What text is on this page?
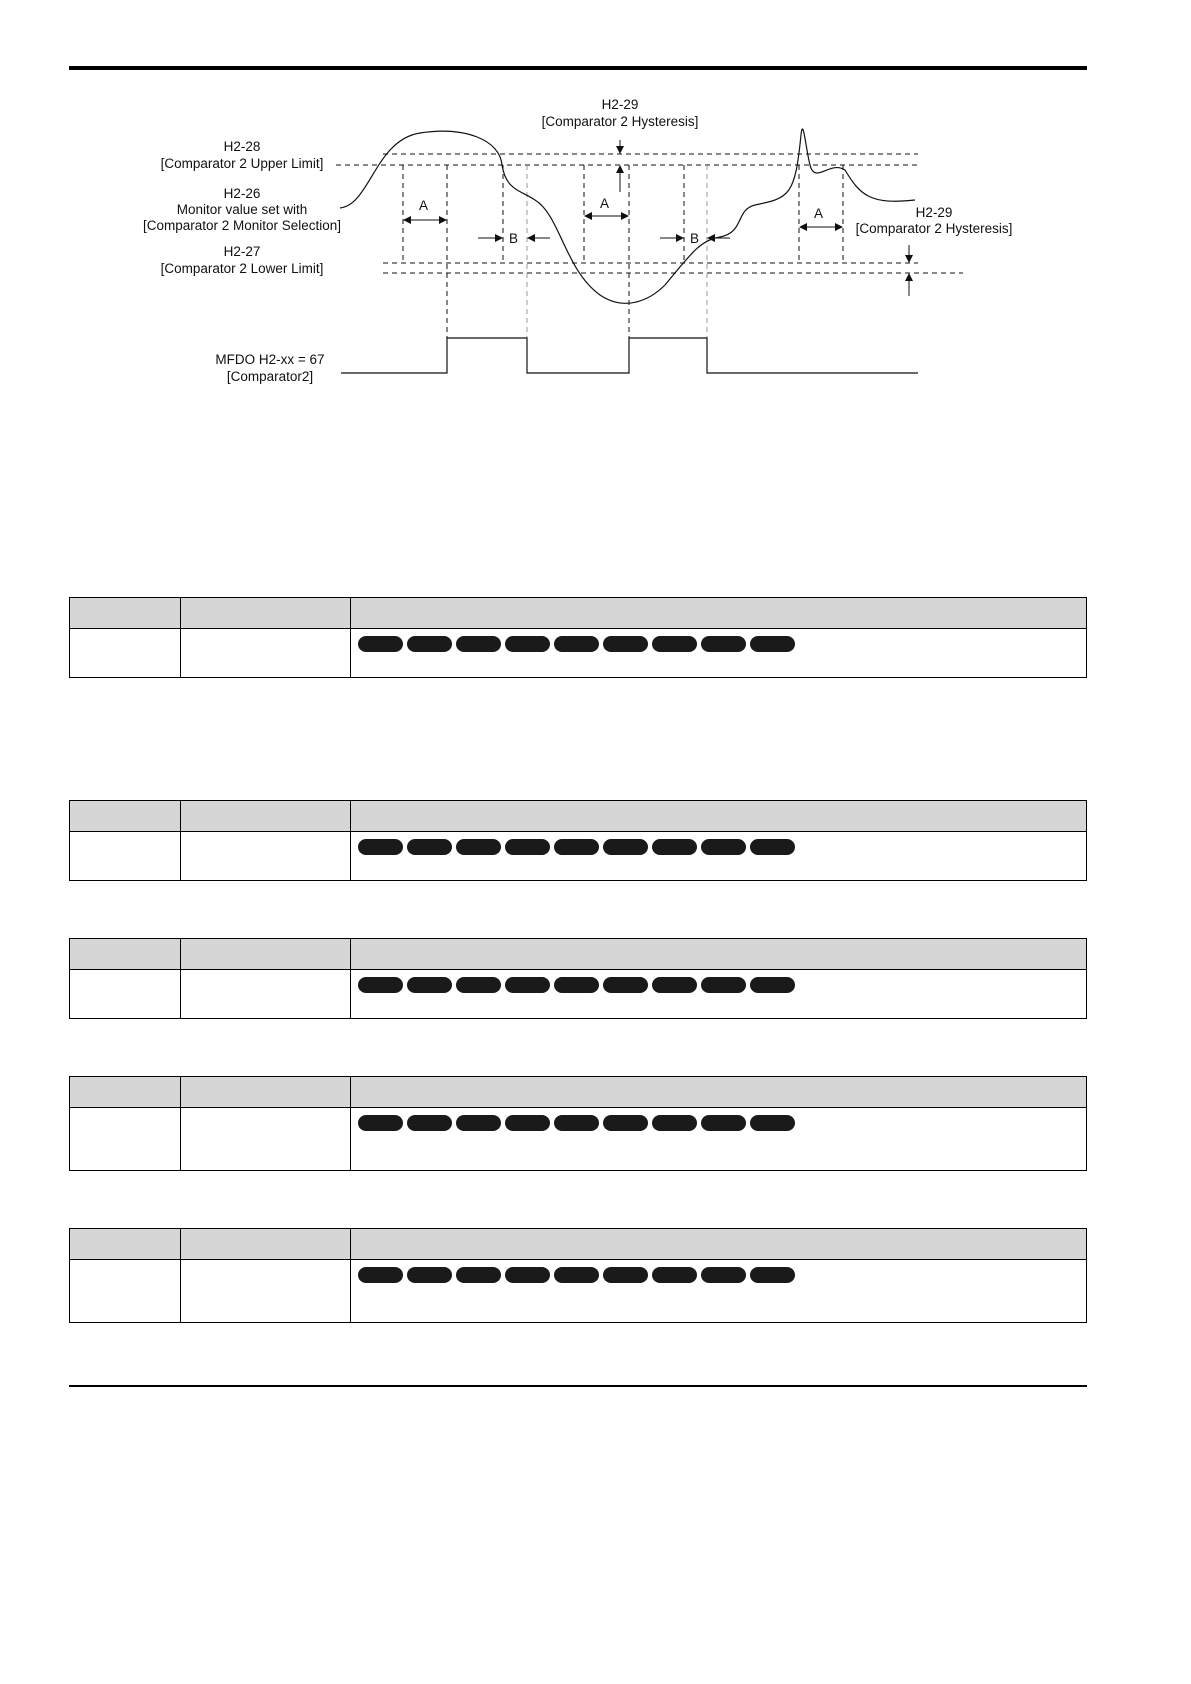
A
B
A
B
A
H2-29
[Comparator 2 Hysteresis]
H2-28
[Comparator 2 Upper Limit]
H2-26
Monitor value set with
[Comparator 2 Monitor Selection]
H2-27
[Comparator 2 Lower Limit]
H2-29
[Comparator 2 Hysteresis]
MFDO H2-xx = 67
[Comparator2]
